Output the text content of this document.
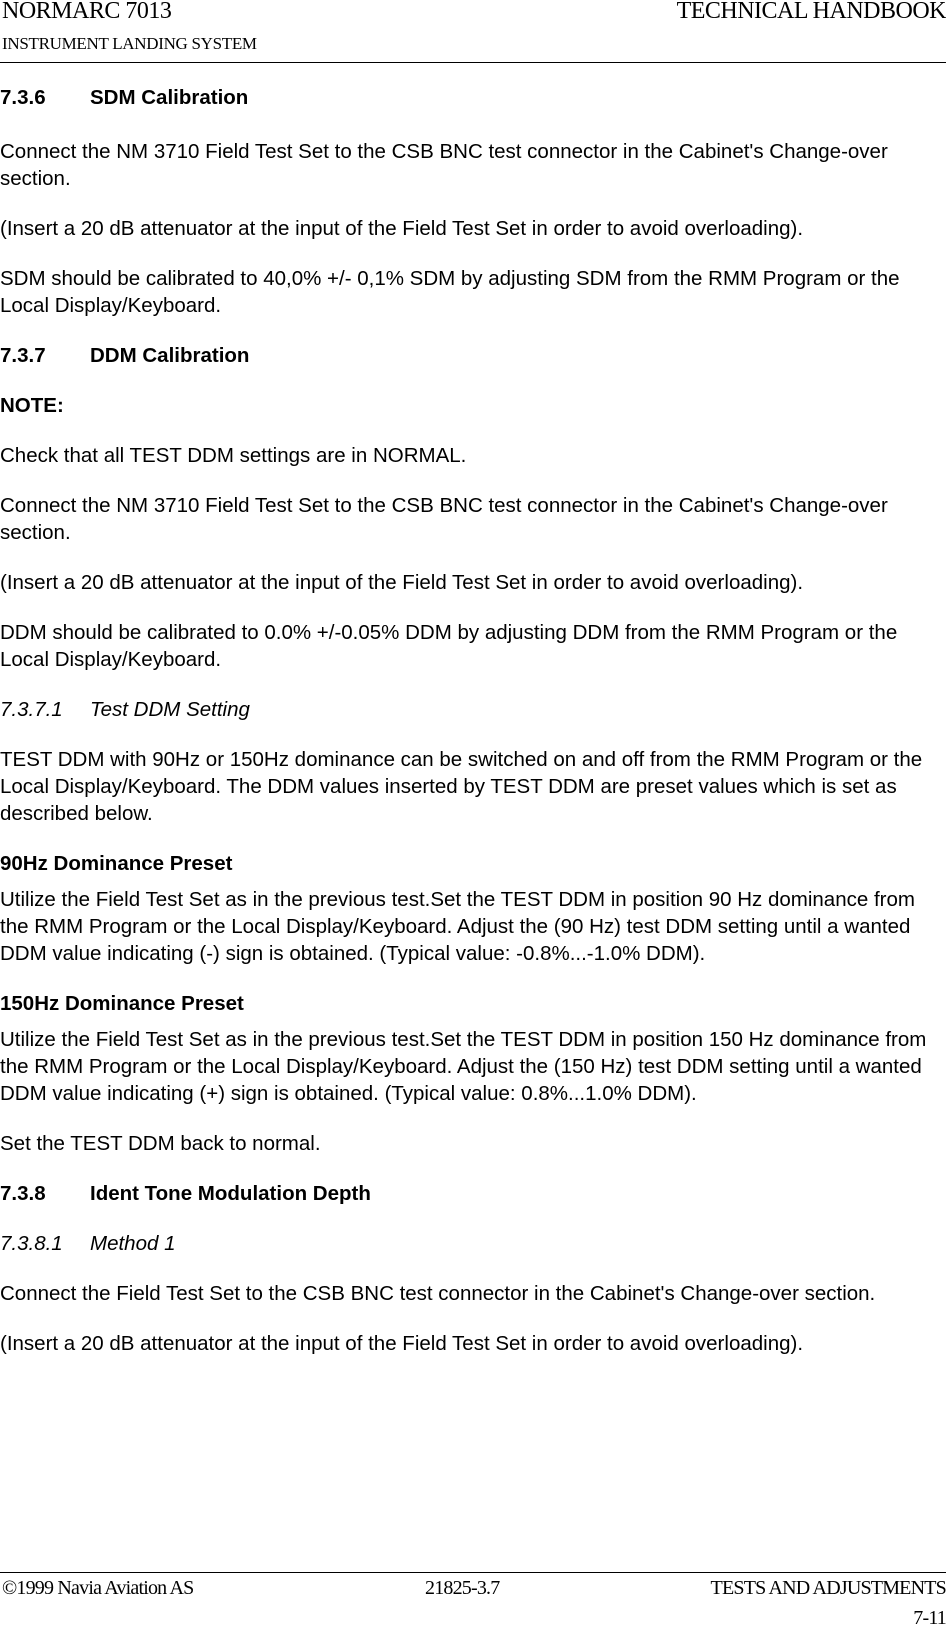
NORMARC 7013
INSTRUMENT LANDING SYSTEM
TECHNICAL HANDBOOK
7.3.6 SDM Calibration

Connect the NM 3710 Field Test Set to the CSB BNC test connector in the Cabinet's Change-over section.

(Insert a 20 dB attenuator at the input of the Field Test Set in order to avoid overloading).

SDM should be calibrated to 40,0% +/- 0,1% SDM by adjusting SDM from the RMM Program or the Local Display/Keyboard.

7.3.7 DDM Calibration

NOTE:

Check that all TEST DDM settings are in NORMAL.

Connect the NM 3710 Field Test Set to the CSB BNC test connector in the Cabinet's Change-over section.

(Insert a 20 dB attenuator at the input of the Field Test Set in order to avoid overloading).

DDM should be calibrated to 0.0% +/-0.05% DDM by adjusting DDM from the RMM Program or the Local Display/Keyboard.

7.3.7.1 Test DDM Setting

TEST DDM with 90Hz or 150Hz dominance can be switched on and off from the RMM Program or the Local Display/Keyboard. The DDM values inserted by TEST DDM are preset values which is set as described below.

90Hz Dominance Preset

Utilize the Field Test Set as in the previous test.Set the TEST DDM in position 90 Hz dominance from the RMM Program or the Local Display/Keyboard. Adjust the (90 Hz) test DDM setting until a wanted DDM value indicating (-) sign is obtained. (Typical value: -0.8%...-1.0% DDM).

150Hz Dominance Preset

Utilize the Field Test Set as in the previous test.Set the TEST DDM in position 150 Hz dominance from the RMM Program or the Local Display/Keyboard. Adjust the (150 Hz) test DDM setting until a wanted DDM value indicating (+) sign is obtained. (Typical value: 0.8%...1.0% DDM).

Set the TEST DDM back to normal.

7.3.8 Ident Tone Modulation Depth
7.3.8.1 Method 1

Connect the Field Test Set to the CSB BNC test connector in the Cabinet's Change-over section.

(Insert a 20 dB attenuator at the input of the Field Test Set in order to avoid overloading).

©1999 Navia Aviation AS	21825-3.7	TESTS AND ADJUSTMENTS
7-11
